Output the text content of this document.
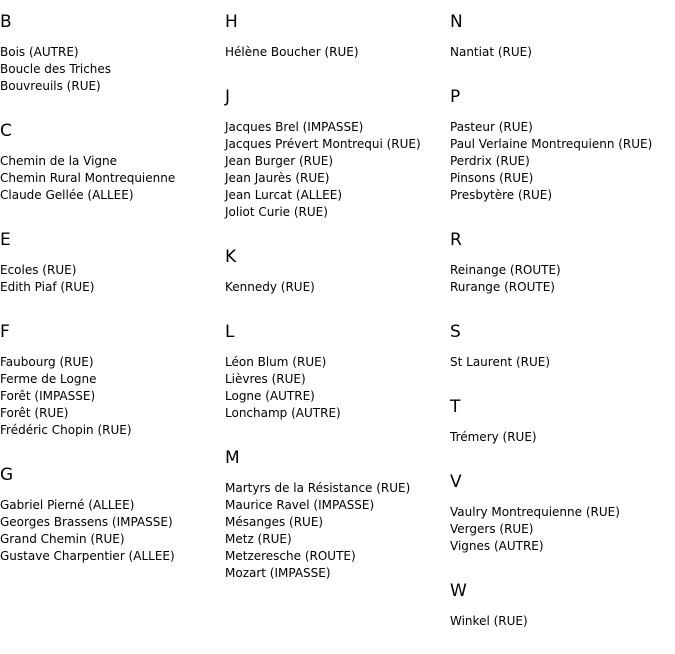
B
Bois (AUTRE)
Boucle des Triches
Bouvreuils (RUE)
C
Chemin de la Vigne
Chemin Rural Montrequienne
Claude Gellée (ALLEE)
E
Ecoles (RUE)
Edith Piaf (RUE)
F
Faubourg (RUE)
Ferme de Logne
Forêt (IMPASSE)
Forêt (RUE)
Frédéric Chopin (RUE)
G
Gabriel Pierné (ALLEE)
Georges Brassens (IMPASSE)
Grand Chemin (RUE)
Gustave Charpentier (ALLEE)
H
Hélène Boucher (RUE)
J
Jacques Brel (IMPASSE)
Jacques Prévert Montrequi (RUE)
Jean Burger (RUE)
Jean Jaurès (RUE)
Jean Lurcat (ALLEE)
Joliot Curie (RUE)
K
Kennedy (RUE)
L
Léon Blum (RUE)
Lièvres (RUE)
Logne (AUTRE)
Lonchamp (AUTRE)
M
Martyrs de la Résistance (RUE)
Maurice Ravel (IMPASSE)
Mésanges (RUE)
Metz (RUE)
Metzeresche (ROUTE)
Mozart (IMPASSE)
N
Nantiat (RUE)
P
Pasteur (RUE)
Paul Verlaine Montrequienn (RUE)
Perdrix (RUE)
Pinsons (RUE)
Presbytère (RUE)
R
Reinange (ROUTE)
Rurange (ROUTE)
S
St Laurent (RUE)
T
Trémery (RUE)
V
Vaulry Montrequienne (RUE)
Vergers (RUE)
Vignes (AUTRE)
W
Winkel (RUE)
